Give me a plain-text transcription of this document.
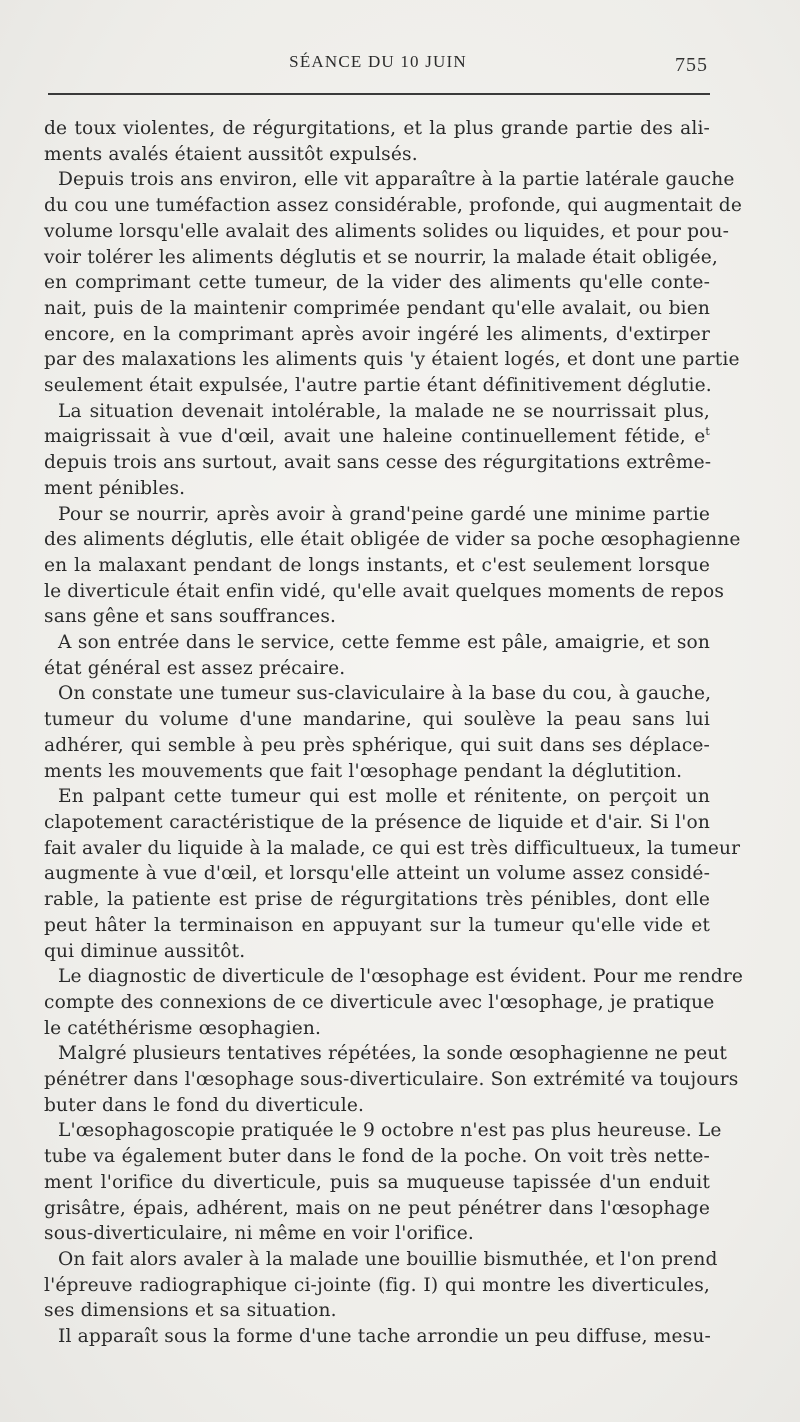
SÉANCE DU 10 JUIN	755

de toux violentes, de régurgitations, et la plus grande partie des ali-

ments avalés étaient aussitôt expulsés.

Depuis trois ans environ, elle vit apparaître à la partie latérale gauche

du cou une tuméfaction assez considérable, profonde, qui augmentait de

volume lorsqu'elle avalait des aliments solides ou liquides, et pour pou-

voir tolérer les aliments déglutis et se nourrir, la malade était obligée,

en comprimant cette tumeur, de la vider des aliments qu'elle conte-

nait, puis de la maintenir comprimée pendant qu'elle avalait, ou bien

encore, en la comprimant après avoir ingéré les aliments, d'extirper

par des malaxations les aliments quis 'y étaient logés, et dont une partie

seulement était expulsée, l'autre partie étant définitivement déglutie.

La situation devenait intolérable, la malade ne se nourrissait plus,

maigrissait à vue d'œil, avait une haleine continuellement fétide, $e^t$

depuis trois ans surtout, avait sans cesse des régurgitations extrême-

ment pénibles.

Pour se nourrir, après avoir à grand'peine gardé une minime partie

des aliments déglutis, elle était obligée de vider sa poche œsophagienne

en la malaxant pendant de longs instants, et c'est seulement lorsque

le diverticule était enfin vidé, qu'elle avait quelques moments de repos

sans gêne et sans souffrances.

A son entrée dans le service, cette femme est pâle, amaigrie, et son

état général est assez précaire.

On constate une tumeur sus-claviculaire à la base du cou, à gauche,

tumeur du volume d'une mandarine, qui soulève la peau sans lui

adhérer, qui semble à peu près sphérique, qui suit dans ses déplace-

ments les mouvements que fait l'œsophage pendant la déglutition.

En palpant cette tumeur qui est molle et rénitente, on perçoit un

clapotement caractéristique de la présence de liquide et d'air. Si l'on

fait avaler du liquide à la malade, ce qui est très difficultueux, la tumeur

augmente à vue d'œil, et lorsqu'elle atteint un volume assez considé-

rable, la patiente est prise de régurgitations très pénibles, dont elle

peut hâter la terminaison en appuyant sur la tumeur qu'elle vide et

qui diminue aussitôt.

Le diagnostic de diverticule de l'œsophage est évident. Pour me rendre

compte des connexions de ce diverticule avec l'œsophage, je pratique

le catéthérisme œsophagien.

Malgré plusieurs tentatives répétées, la sonde œsophagienne ne peut

pénétrer dans l'œsophage sous-diverticulaire. Son extrémité va toujours

buter dans le fond du diverticule.

L'œsophagoscopie pratiquée le 9 octobre n'est pas plus heureuse. Le

tube va également buter dans le fond de la poche. On voit très nette-

ment l'orifice du diverticule, puis sa muqueuse tapissée d'un enduit

grisâtre, épais, adhérent, mais on ne peut pénétrer dans l'œsophage

sous-diverticulaire, ni même en voir l'orifice.

On fait alors avaler à la malade une bouillie bismuthée, et l'on prend

l'épreuve radiographique ci-jointe (fig. I) qui montre les diverticules,

ses dimensions et sa situation.

Il apparaît sous la forme d'une tache arrondie un peu diffuse, mesu-
